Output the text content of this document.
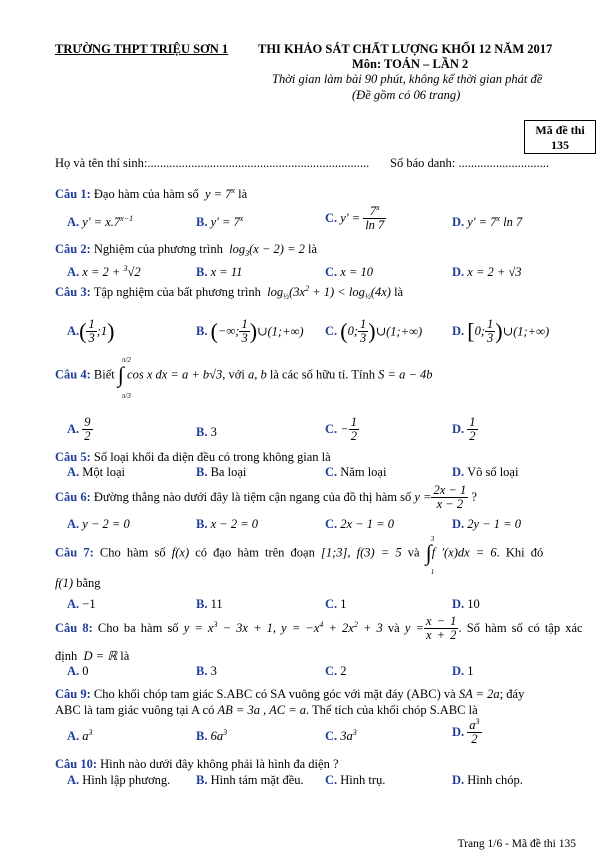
TRƯỜNG THPT TRIỆU SƠN 1 THI KHẢO SÁT CHẤT LƯỢNG KHỐI 12 NĂM 2017
Môn: TOÁN – LẦN 2
Thời gian làm bài 90 phút, không kể thời gian phát đề
(Đề gồm có 06 trang)
Mã đề thi
135
Họ và tên thí sinh:....................................................................... Số báo danh: .............................
Câu 1: Đạo hàm của hàm số  $y = 7^x$ là
A. $y' = x.7^{x-1}$	B. $y' = 7^x$	C. $y' = \frac{7^x}{\ln 7}$	D. $y' = 7^x$ ln 7
Câu 2: Nghiệm của phương trình  $\log_3(x - 2) = 2$ là
A. x = 2 + $^3$√2	B. x = 11	C. x = 10	D. x = 2 + √3
Câu 3: Tập nghiệm của bất phương trình  $\log_{\frac{1}{2}}(3x^2 + 1) < \log_{\frac{1}{2}}(4x)$ là
$A.( \frac{1}{3}$ ;1)	B. (−∞; $\frac{1}{3}$ )∪(1;+∞) C. (0; $\frac{1}{3}$ )∪(1;+∞) D. [0; $\frac{1}{3}$ )∪(1;+∞)
Câu 4: Biết ∫
π/2
π/3
cos x dx = a + b√3, với a, b là các số hữu tỉ. Tính S = a − 4b
A. $\frac{9}{2}$	B. 3	C. − $\frac{1}{2}$	D. $\frac{1}{2}$
Câu 5: Số loại khối đa diện đều có trong không gian là
A. Một loại	B. Ba loại	C. Năm loại	D. Vô số loại
Câu 6: Đường thẳng nào dưới đây là tiệm cận ngang của đồ thị hàm số $y = \frac{2x - 1}{x - 2}$ ?
A. y − 2 = 0	B. x − 2 = 0	C. 2x − 1 = 0	D. 2y − 1 = 0
Câu 7: Cho hàm số f(x) có đạo hàm trên đoạn [1;3], f(3) = 5 và ∫
3
1
f '(x)dx = 6. Khi đó
f(1) bằng
A. −1	B. 11	C. 1	D. 10
Câu 8: Cho ba hàm số $y = x^3 - 3x + 1$, $y = -x^4 + 2x^2 + 3$ và $y = \frac{x - 1}{x + 2}$ . Số hàm số có tập xác
định  D = ℝ là
A. 0	B. 3	C. 2	D. 1
Câu 9: Cho khối chóp tam giác S.ABC có SA vuông góc với mặt đáy (ABC) và SA = 2a; đáy
ABC là tam giác vuông tại A có AB = 3a , AC = a. Thể tích của khối chóp S.ABC là
A. $a^3$	B. $6a^3$	C. $3a^3$	D. $\frac{a^3}{2}$
Câu 10: Hình nào dưới đây không phải là hình đa diện ?
A. Hình lập phương. B. Hình tám mặt đều. C. Hình trụ.	D. Hình chóp.
Trang 1/6 - Mã đề thi 135
